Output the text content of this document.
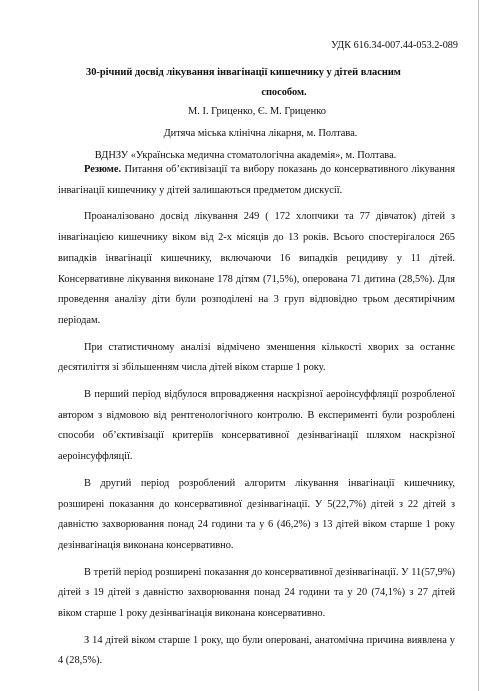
УДК 616.34-007.44-053.2-089
30-річний досвід лікування інвагінації кишечнику у дітей власним
способом.
М. І. Гриценко, Є. М. Гриценко
Дитяча міська клінічна лікарня, м. Полтава.
ВДНЗУ «Українська медична стоматологічна академія», м. Полтава.

Резюме. Питання об’єктивізації та вибору показань до консервативного лікування інвагінації кишечнику у дітей залишаються предметом дискусії.

Проаналізовано досвід лікування 249 ( 172 хлопчики та 77 дівчаток) дітей з інвагінацією кишечнику віком від 2-х місяців до 13 років. Всього спостерігалося 265 випадків інвагінації кишечнику, включаючи 16 випадків рецидиву у 11 дітей. Консервативне лікування виконане 178 дітям (71,5%), оперована 71 дитина (28,5%). Для проведення аналізу діти були розподілені на 3 груп відповідно трьом десятирічним періодам.

При статистичному аналізі відмічено зменшення кількості хворих за останнє десятиліття зі збільшенням числа дітей віком старше 1 року.

В перший період відбулося впровадження наскрізної аероінсуффляції розробленої автором з відмовою від рентгенологічного контролю. В експерименті були розроблені способи об’єктивізації критеріїв консервативної дезінвагінації шляхом наскрізної аероінсуффляції.

В другий період розроблений алгоритм лікування інвагінації кишечнику, розширені показання до консервативної дезінвагінації. У 5(22,7%) дітей з 22 дітей з давністю захворювання понад 24 години та у 6 (46,2%) з 13 дітей віком старше 1 року дезінвагінація виконана консервативно.

В третій період розширені показання до консервативної дезінвагінації. У 11(57,9%) дітей з 19 дітей з давністю захворювання понад 24 години та у 20 (74,1%) з 27 дітей віком старше 1 року дезінвагінація виконана консервативно.

З 14 дітей віком старше 1 року, що були оперовані, анатомічна причина виявлена у 4 (28,5%).
